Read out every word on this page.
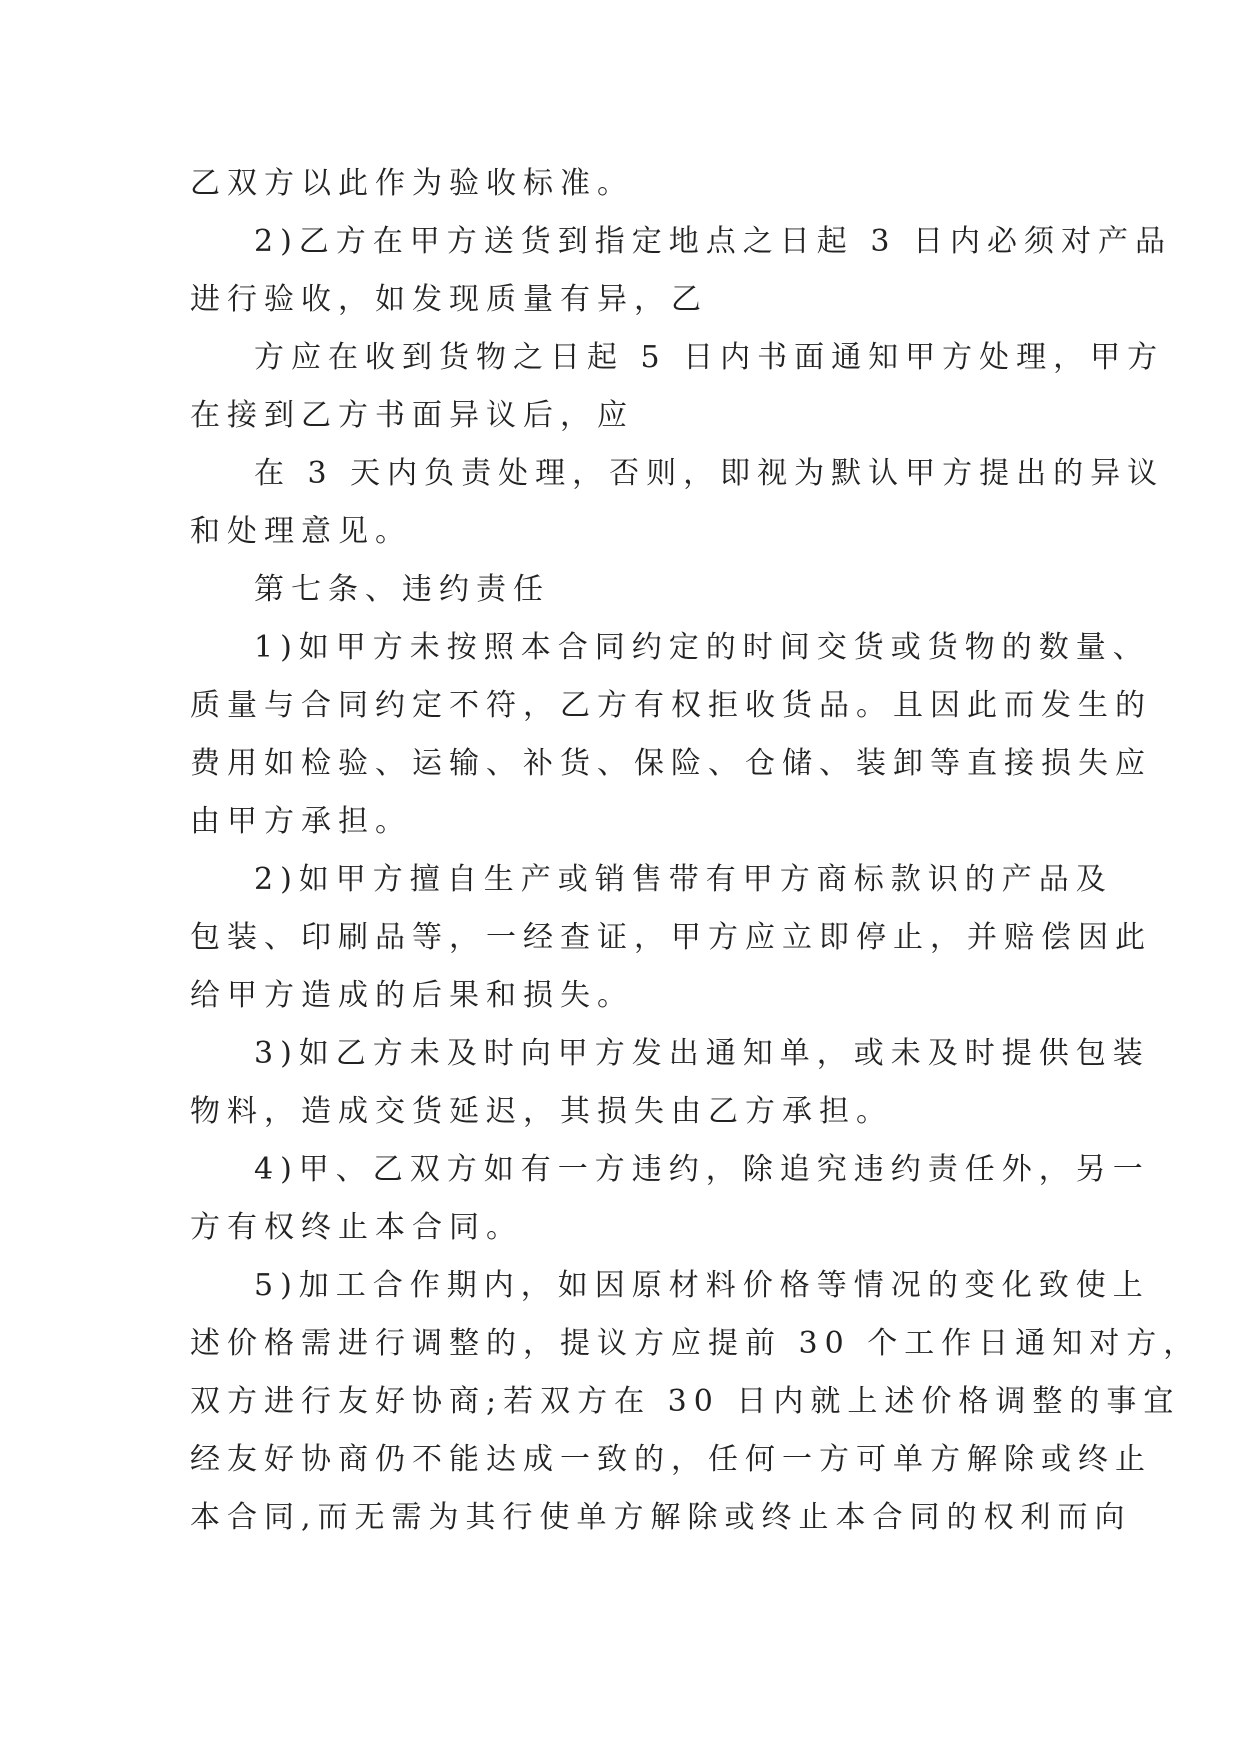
乙双方以此作为验收标准。
2)乙方在甲方送货到指定地点之日起 3 日内必须对产品
进行验收，如发现质量有异，乙
方应在收到货物之日起 5 日内书面通知甲方处理，甲方
在接到乙方书面异议后，应
在 3 天内负责处理，否则，即视为默认甲方提出的异议
和处理意见。
第七条、违约责任
1)如甲方未按照本合同约定的时间交货或货物的数量、
质量与合同约定不符，乙方有权拒收货品。且因此而发生的
费用如检验、运输、补货、保险、仓储、装卸等直接损失应
由甲方承担。
2)如甲方擅自生产或销售带有甲方商标款识的产品及
包装、印刷品等，一经查证，甲方应立即停止，并赔偿因此
给甲方造成的后果和损失。
3)如乙方未及时向甲方发出通知单，或未及时提供包装
物料，造成交货延迟，其损失由乙方承担。
4)甲、乙双方如有一方违约，除追究违约责任外，另一
方有权终止本合同。
5)加工合作期内，如因原材料价格等情况的变化致使上
述价格需进行调整的，提议方应提前 30 个工作日通知对方，
双方进行友好协商;若双方在 30 日内就上述价格调整的事宜
经友好协商仍不能达成一致的，任何一方可单方解除或终止
本合同,而无需为其行使单方解除或终止本合同的权利而向
